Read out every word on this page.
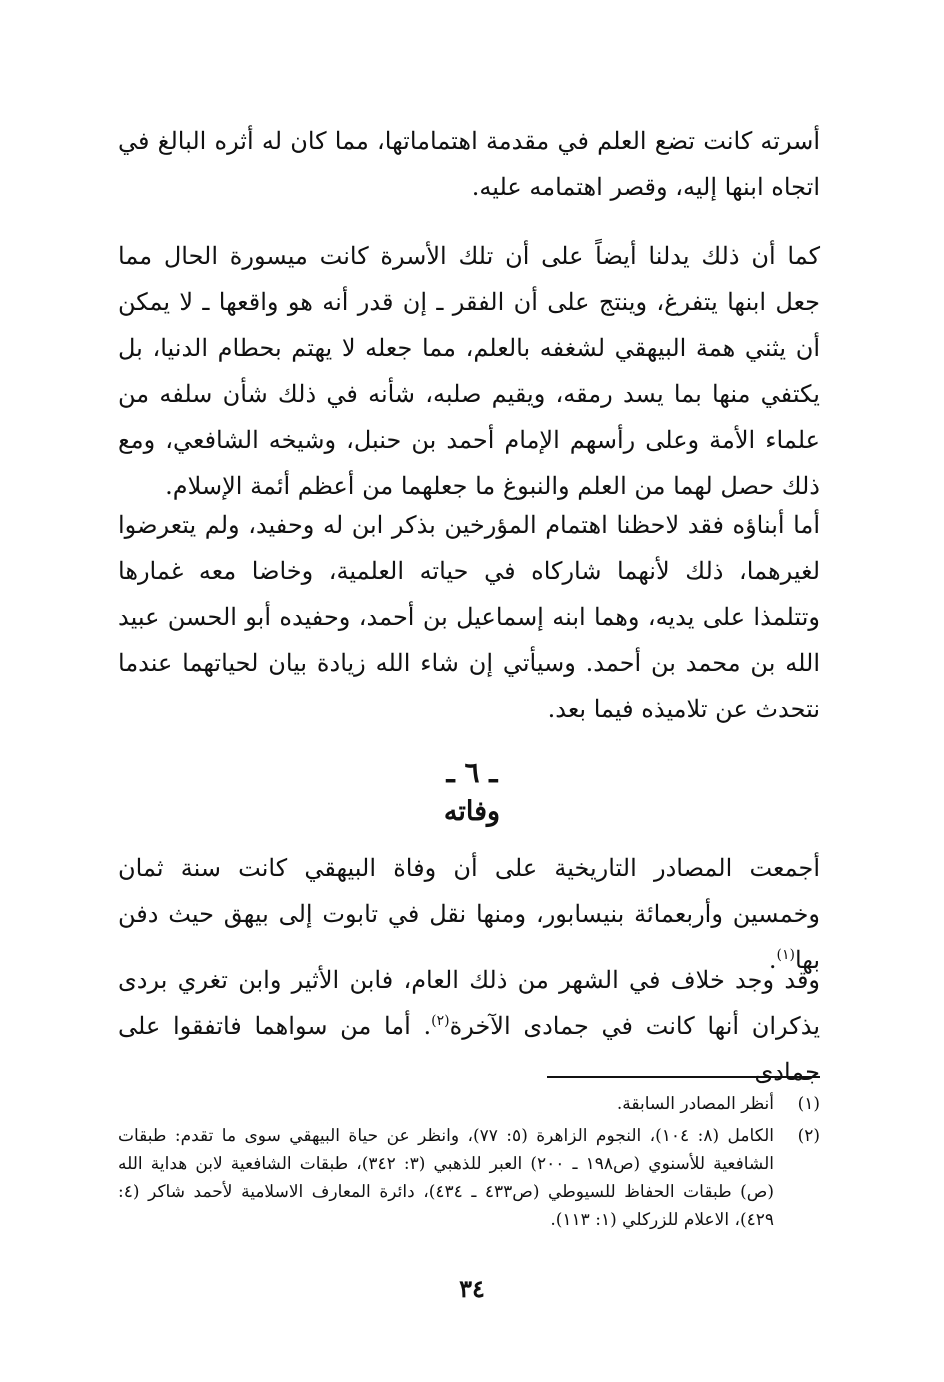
أسرته كانت تضع العلم في مقدمة اهتماماتها، مما كان له أثره البالغ في اتجاه ابنها إليه، وقصر اهتمامه عليه.

كما أن ذلك يدلنا أيضاً على أن تلك الأسرة كانت ميسورة الحال مما جعل ابنها يتفرغ، وينتج على أن الفقر ـ إن قدر أنه هو واقعها ـ لا يمكن أن يثني همة البيهقي لشغفه بالعلم، مما جعله لا يهتم بحطام الدنيا، بل يكتفي منها بما يسد رمقه، ويقيم صلبه، شأنه في ذلك شأن سلفه من علماء الأمة وعلى رأسهم الإمام أحمد بن حنبل، وشيخه الشافعي، ومع ذلك حصل لهما من العلم والنبوغ ما جعلهما من أعظم أئمة الإسلام.

أما أبناؤه فقد لاحظنا اهتمام المؤرخين بذكر ابن له وحفيد، ولم يتعرضوا لغيرهما، ذلك لأنهما شاركاه في حياته العلمية، وخاضا معه غمارها وتتلمذا على يديه، وهما ابنه إسماعيل بن أحمد، وحفيده أبو الحسن عبيد الله بن محمد بن أحمد. وسيأتي إن شاء الله زيادة بيان لحياتهما عندما نتحدث عن تلاميذه فيما بعد.

ـ ٦ ـ
وفاته

أجمعت المصادر التاريخية على أن وفاة البيهقي كانت سنة ثمان وخمسين وأربعمائة بنيسابور، ومنها نقل في تابوت إلى بيهق حيث دفن بها$^{(١)}$.

وقد وجد خلاف في الشهر من ذلك العام، فابن الأثير وابن تغري بردى يذكران أنها كانت في جمادى الآخرة$^{(٢)}$. أما من سواهما فاتفقوا على جمادى

(١)
أنظر المصادر السابقة.
(٢)
الكامل (٨: ١٠٤)، النجوم الزاهرة (٥: ٧٧)، وانظر عن حياة البيهقي سوى ما تقدم: طبقات الشافعية للأسنوي (ص١٩٨ ـ ٢٠٠) العبر للذهبي (٣: ٣٤٢)، طبقات الشافعية لابن هداية الله (ص) طبقات الحفاظ للسيوطي (ص٤٣٣ ـ ٤٣٤)، دائرة المعارف الاسلامية لأحمد شاكر (٤: ٤٢٩)، الاعلام للزركلي (١: ١١٣).
٣٤
